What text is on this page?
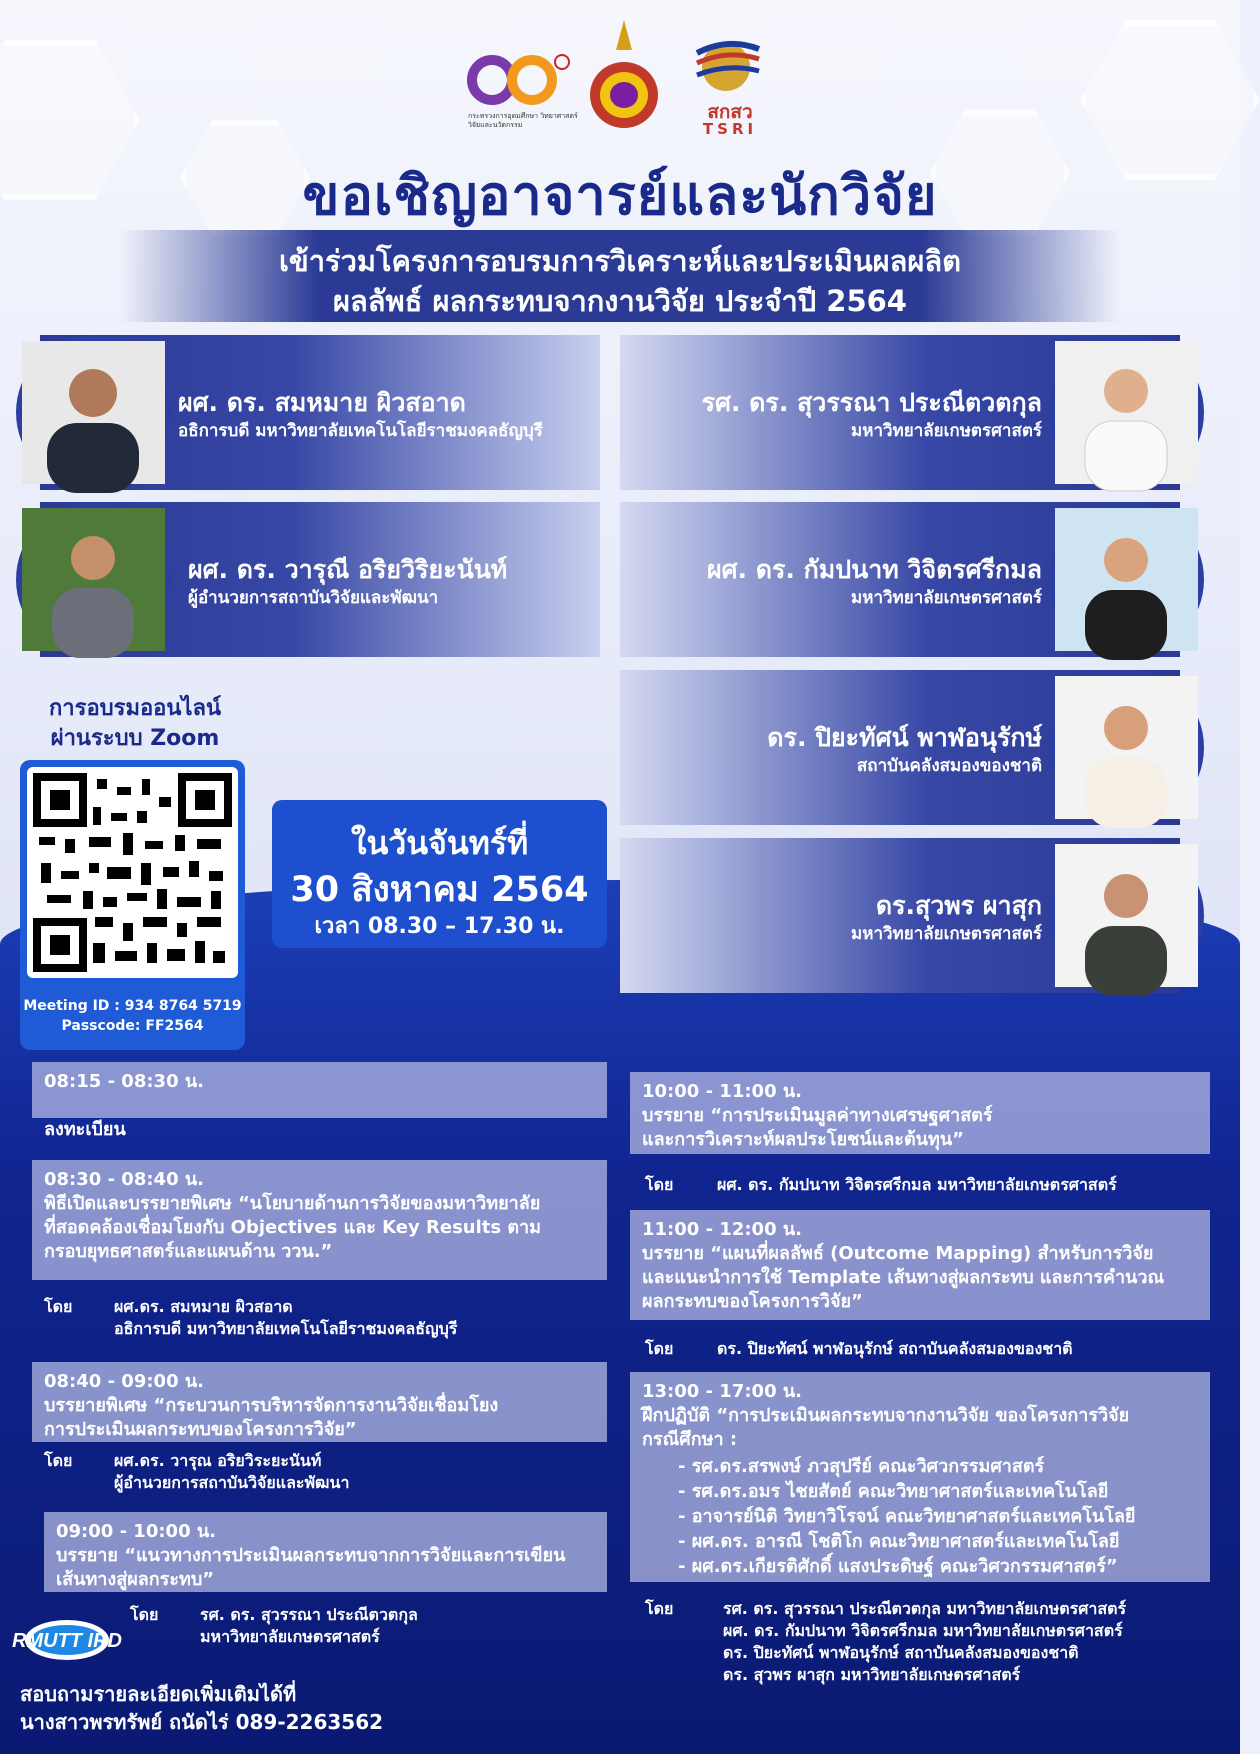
กระทรวงการอุดมศึกษา วิทยาศาสตร์ วิจัยและนวัตกรรม
สกสว
TSRI
ขอเชิญอาจารย์และนักวิจัย
เข้าร่วมโครงการอบรมการวิเคราะห์และประเมินผลผลิต
ผลลัพธ์ ผลกระทบจากงานวิจัย ประจำปี 2564
ผศ. ดร. สมหมาย ผิวสอาด
อธิการบดี มหาวิทยาลัยเทคโนโลยีราชมงคลธัญบุรี
ผศ. ดร. วารุณี อริยวิริยะนันท์
ผู้อำนวยการสถาบันวิจัยและพัฒนา
รศ. ดร. สุวรรณา ประณีตวตกุล
มหาวิทยาลัยเกษตรศาสตร์
ผศ. ดร. กัมปนาท วิจิตรศรีกมล
มหาวิทยาลัยเกษตรศาสตร์
ดร. ปิยะทัศน์ พาฬอนุรักษ์
สถาบันคลังสมองของชาติ
ดร.สุวพร ผาสุก
มหาวิทยาลัยเกษตรศาสตร์
การอบรมออนไลน์
ผ่านระบบ Zoom
Meeting ID : 934 8764 5719
Passcode: FF2564
ในวันจันทร์ที่
30 สิงหาคม 2564
เวลา 08.30 – 17.30 น.
08:15 - 08:30 น.
ลงทะเบียน
08:30 - 08:40 น.
พิธีเปิดและบรรยายพิเศษ “นโยบายด้านการวิจัยของมหาวิทยาลัย
ที่สอดคล้องเชื่อมโยงกับ Objectives และ Key Results ตาม
กรอบยุทธศาสตร์และแผนด้าน ววน.”
โดย	ผศ.ดร. สมหมาย ผิวสอาด
อธิการบดี มหาวิทยาลัยเทคโนโลยีราชมงคลธัญบุรี
08:40 - 09:00 น.
บรรยายพิเศษ “กระบวนการบริหารจัดการงานวิจัยเชื่อมโยง
การประเมินผลกระทบของโครงการวิจัย”
โดย	ผศ.ดร. วารุณ อริยวิระยะนันท์
ผู้อำนวยการสถาบันวิจัยและพัฒนา
09:00 - 10:00 น.
บรรยาย “แนวทางการประเมินผลกระทบจากการวิจัยและการเขียน
เส้นทางสู่ผลกระทบ”
โดย	รศ. ดร. สุวรรณา ประณีตวตกุล
มหาวิทยาลัยเกษตรศาสตร์
10:00 - 11:00 น.
บรรยาย “การประเมินมูลค่าทางเศรษฐศาสตร์
และการวิเคราะห์ผลประโยชน์และต้นทุน”
โดย	ผศ. ดร. กัมปนาท วิจิตรศรีกมล มหาวิทยาลัยเกษตรศาสตร์
11:00 - 12:00 น.
บรรยาย “แผนที่ผลลัพธ์ (Outcome Mapping) สำหรับการวิจัย
และแนะนำการใช้ Template เส้นทางสู่ผลกระทบ และการคำนวณ
ผลกระทบของโครงการวิจัย”
โดย	ดร. ปิยะทัศน์ พาฬอนุรักษ์ สถาบันคลังสมองของชาติ
13:00 - 17:00 น.
ฝึกปฏิบัติ “การประเมินผลกระทบจากงานวิจัย ของโครงการวิจัย
กรณีศึกษา :
- รศ.ดร.สรพงษ์ ภวสุปรีย์ คณะวิศวกรรมศาสตร์
- รศ.ดร.อมร ไชยสัตย์ คณะวิทยาศาสตร์และเทคโนโลยี
- อาจารย์นิติ วิทยาวิโรจน์ คณะวิทยาศาสตร์และเทคโนโลยี
- ผศ.ดร. อารณี โชติโก คณะวิทยาศาสตร์และเทคโนโลยี
- ผศ.ดร.เกียรติศักดิ์ แสงประดิษฐ์ คณะวิศวกรรมศาสตร์”
โดย	รศ. ดร. สุวรรณา ประณีตวตกุล มหาวิทยาลัยเกษตรศาสตร์
ผศ. ดร. กัมปนาท วิจิตรศรีกมล มหาวิทยาลัยเกษตรศาสตร์
ดร. ปิยะทัศน์ พาฬอนุรักษ์ สถาบันคลังสมองของชาติ
ดร. สุวพร ผาสุก มหาวิทยาลัยเกษตรศาสตร์
RMUTT IRD
สอบถามรายละเอียดเพิ่มเติมได้ที่
นางสาวพรทรัพย์ ถนัดไร่ 089-2263562
